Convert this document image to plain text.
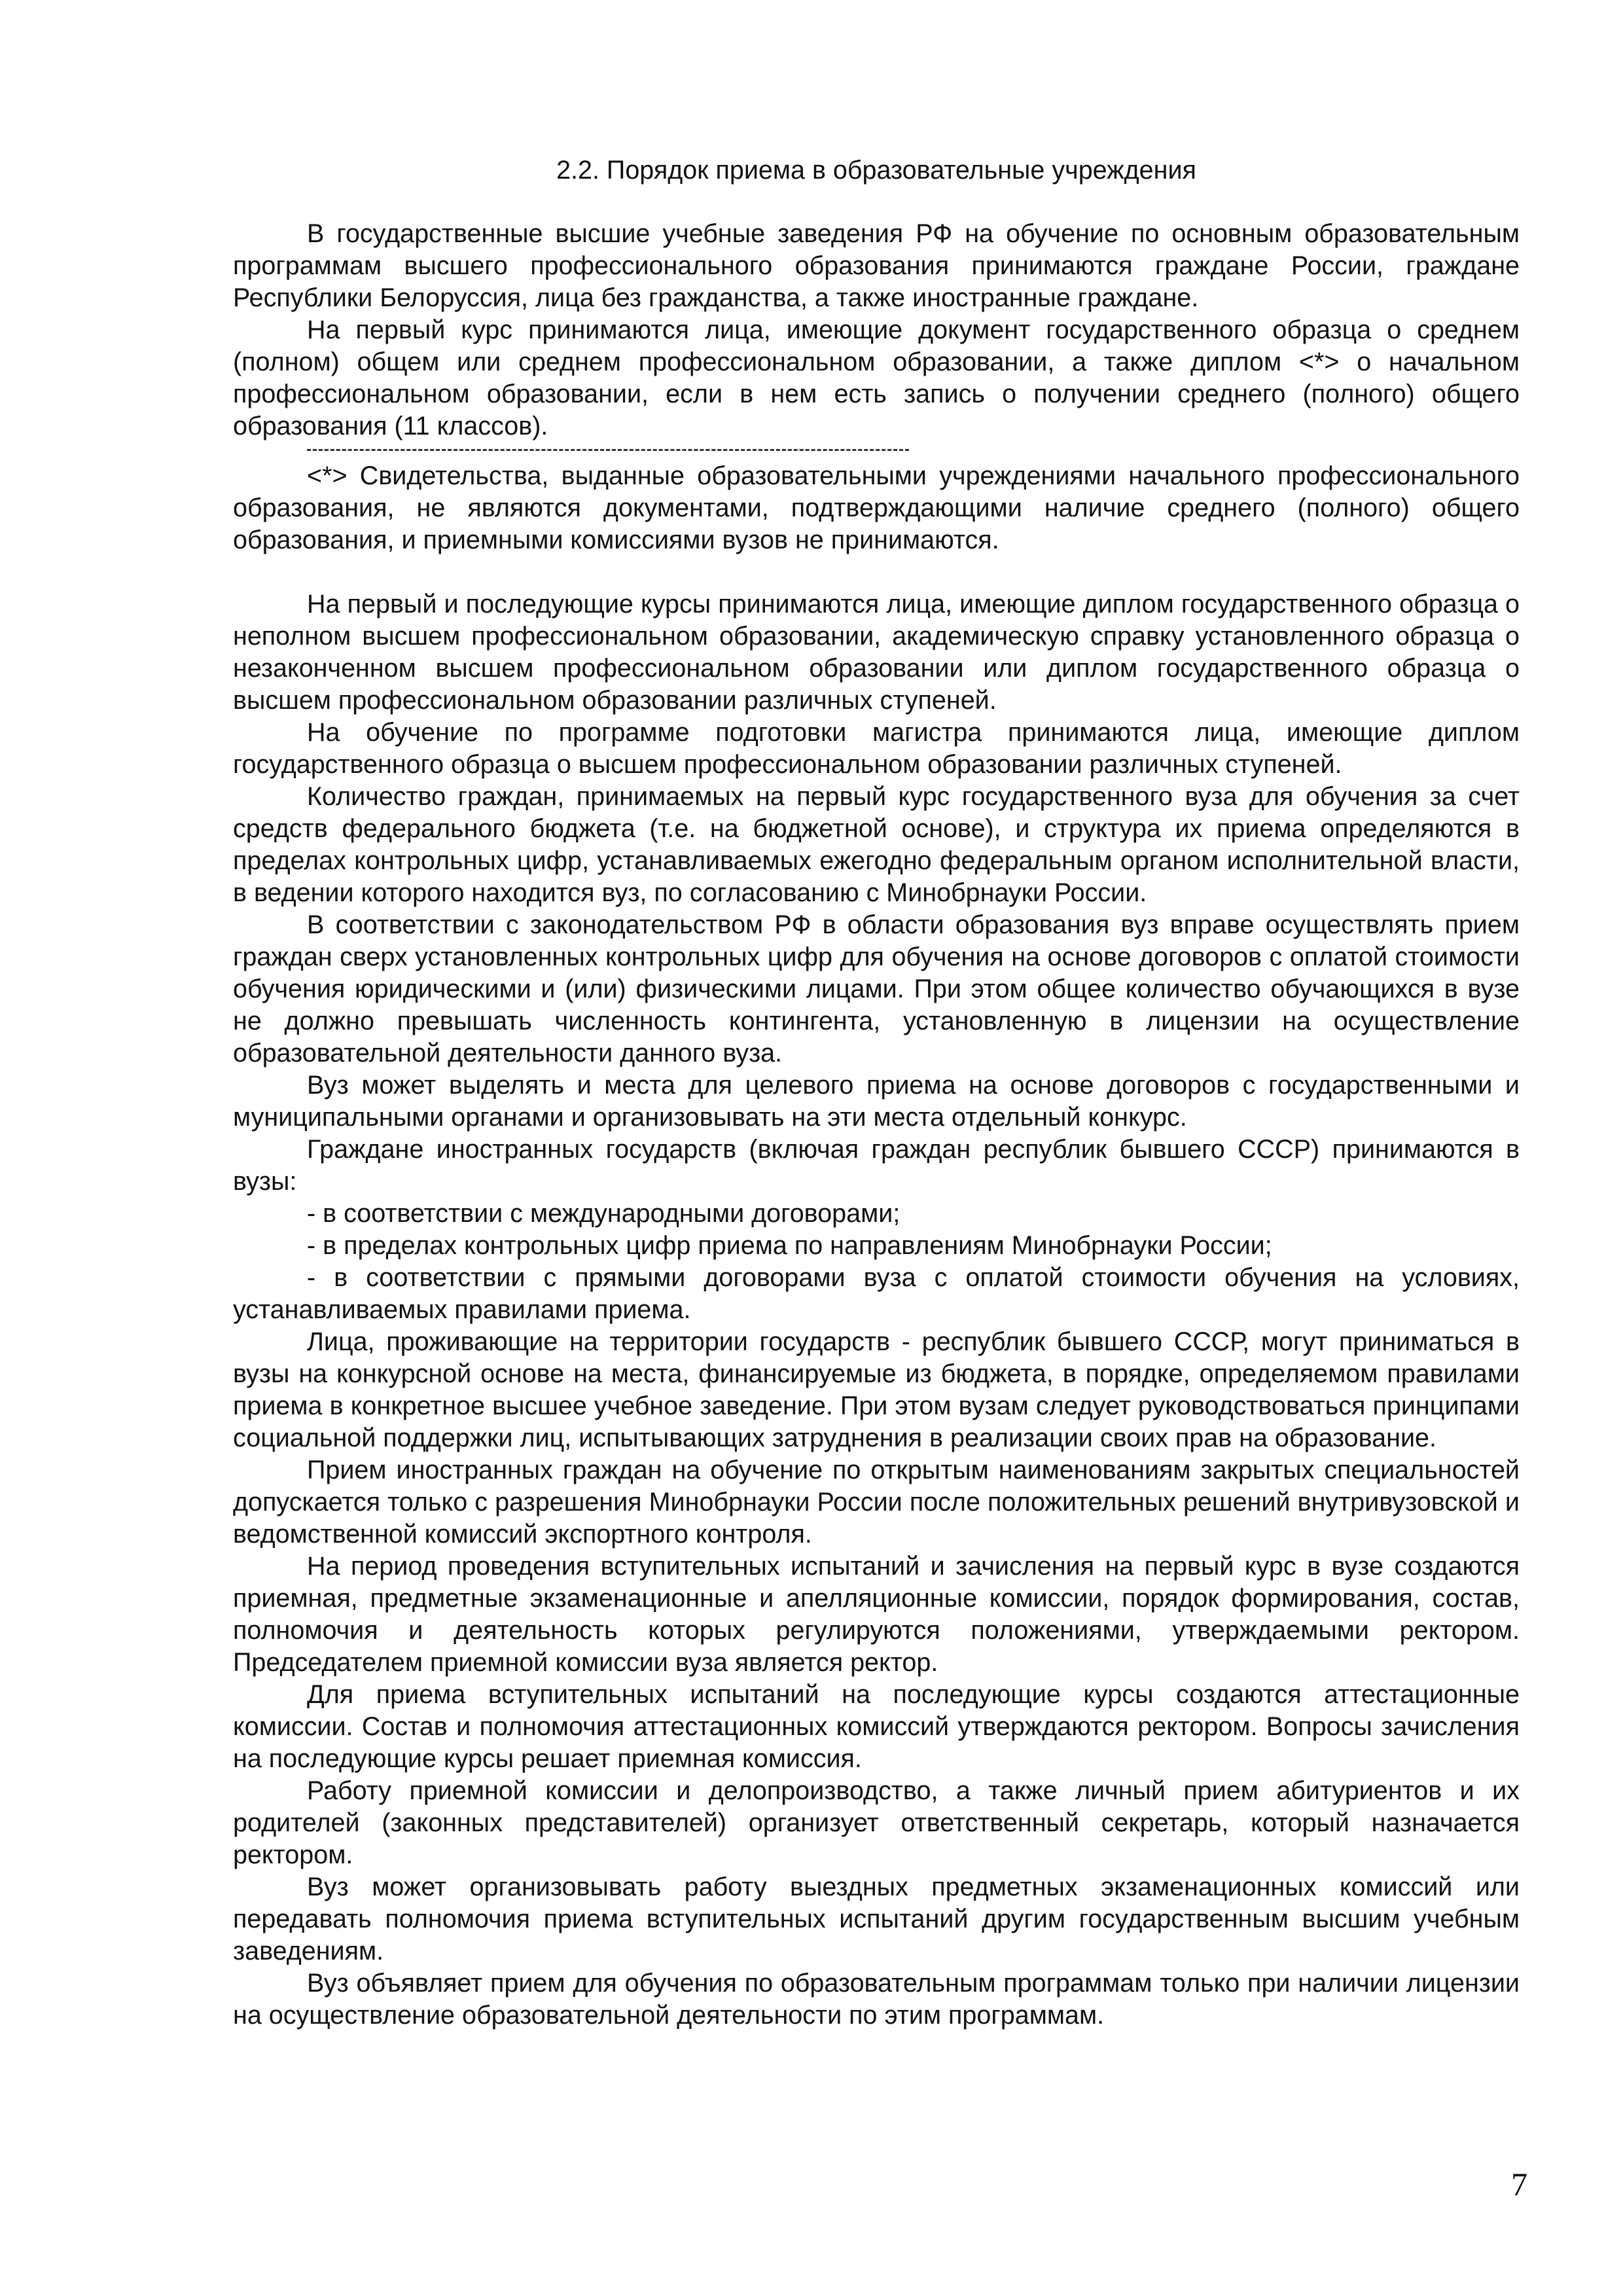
2.2. Порядок приема в образовательные учреждения

В государственные высшие учебные заведения РФ на обучение по основным образовательным программам высшего профессионального образования принимаются граждане России, граждане Республики Белоруссия, лица без гражданства, а также иностранные граждане.

На первый курс принимаются лица, имеющие документ государственного образца о среднем (полном) общем или среднем профессиональном образовании, а также диплом <*> о начальном профессиональном образовании, если в нем есть запись о получении среднего (полного) общего образования (11 классов).

<*> Свидетельства, выданные образовательными учреждениями начального профессионального образования, не являются документами, подтверждающими наличие среднего (полного) общего образования, и приемными комиссиями вузов не принимаются.

На первый и последующие курсы принимаются лица, имеющие диплом государственного образца о неполном высшем профессиональном образовании, академическую справку установленного образца о незаконченном высшем профессиональном образовании или диплом государственного образца о высшем профессиональном образовании различных ступеней.

На обучение по программе подготовки магистра принимаются лица, имеющие диплом государственного образца о высшем профессиональном образовании различных ступеней.

Количество граждан, принимаемых на первый курс государственного вуза для обучения за счет средств федерального бюджета (т.е. на бюджетной основе), и структура их приема определяются в пределах контрольных цифр, устанавливаемых ежегодно федеральным органом исполнительной власти, в ведении которого находится вуз, по согласованию с Минобрнауки России.

В соответствии с законодательством РФ в области образования вуз вправе осуществлять прием граждан сверх установленных контрольных цифр для обучения на основе договоров с оплатой стоимости обучения юридическими и (или) физическими лицами. При этом общее количество обучающихся в вузе не должно превышать численность контингента, установленную в лицензии на осуществление образовательной деятельности данного вуза.

Вуз может выделять и места для целевого приема на основе договоров с государственными и муниципальными органами и организовывать на эти места отдельный конкурс.

Граждане иностранных государств (включая граждан республик бывшего СССР) принимаются в вузы:

- в соответствии с международными договорами;

- в пределах контрольных цифр приема по направлениям Минобрнауки России;

- в соответствии с прямыми договорами вуза с оплатой стоимости обучения на условиях, устанавливаемых правилами приема.

Лица, проживающие на территории государств - республик бывшего СССР, могут приниматься в вузы на конкурсной основе на места, финансируемые из бюджета, в порядке, определяемом правилами приема в конкретное высшее учебное заведение. При этом вузам следует руководствоваться принципами социальной поддержки лиц, испытывающих затруднения в реализации своих прав на образование.

Прием иностранных граждан на обучение по открытым наименованиям закрытых специальностей допускается только с разрешения Минобрнауки России после положительных решений внутривузовской и ведомственной комиссий экспортного контроля.

На период проведения вступительных испытаний и зачисления на первый курс в вузе создаются приемная, предметные экзаменационные и апелляционные комиссии, порядок формирования, состав, полномочия и деятельность которых регулируются положениями, утверждаемыми ректором. Председателем приемной комиссии вуза является ректор.

Для приема вступительных испытаний на последующие курсы создаются аттестационные комиссии. Состав и полномочия аттестационных комиссий утверждаются ректором. Вопросы зачисления на последующие курсы решает приемная комиссия.

Работу приемной комиссии и делопроизводство, а также личный прием абитуриентов и их родителей (законных представителей) организует ответственный секретарь, который назначается ректором.

Вуз может организовывать работу выездных предметных экзаменационных комиссий или передавать полномочия приема вступительных испытаний другим государственным высшим учебным заведениям.

Вуз объявляет прием для обучения по образовательным программам только при наличии лицензии на осуществление образовательной деятельности по этим программам.

7
